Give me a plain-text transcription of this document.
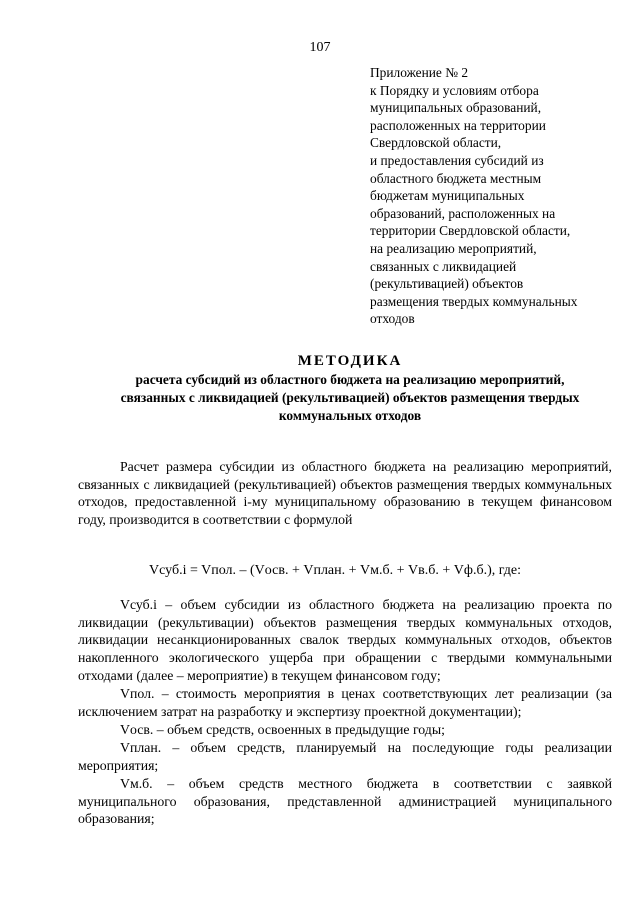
107
Приложение № 2
к Порядку и условиям отбора
муниципальных образований,
расположенных на территории
Свердловской области,
и предоставления субсидий из
областного бюджета местным
бюджетам муниципальных
образований, расположенных на
территории Свердловской области,
на реализацию мероприятий,
связанных с ликвидацией
(рекультивацией) объектов
размещения твердых коммунальных
отходов
МЕТОДИКА
расчета субсидий из областного бюджета на реализацию мероприятий,
связанных с ликвидацией (рекультивацией) объектов размещения твердых
коммунальных отходов

Расчет размера субсидии из областного бюджета на реализацию мероприятий, связанных с ликвидацией (рекультивацией) объектов размещения твердых коммунальных отходов, предоставленной i-му муниципальному образованию в текущем финансовом году, производится в соответствии с формулой

Vсуб.i = Vпол. – (Vосв. + Vплан. + Vм.б. + Vв.б. + Vф.б.), где:

Vсуб.i – объем субсидии из областного бюджета на реализацию проекта по ликвидации (рекультивации) объектов размещения твердых коммунальных отходов, ликвидации несанкционированных свалок твердых коммунальных отходов, объектов накопленного экологического ущерба при обращении с твердыми коммунальными отходами (далее – мероприятие) в текущем финансовом году;

Vпол. – стоимость мероприятия в ценах соответствующих лет реализации (за исключением затрат на разработку и экспертизу проектной документации);

Vосв. – объем средств, освоенных в предыдущие годы;

Vплан. – объем средств, планируемый на последующие годы реализации мероприятия;

Vм.б. – объем средств местного бюджета в соответствии с заявкой муниципального образования, представленной администрацией муниципального образования;
